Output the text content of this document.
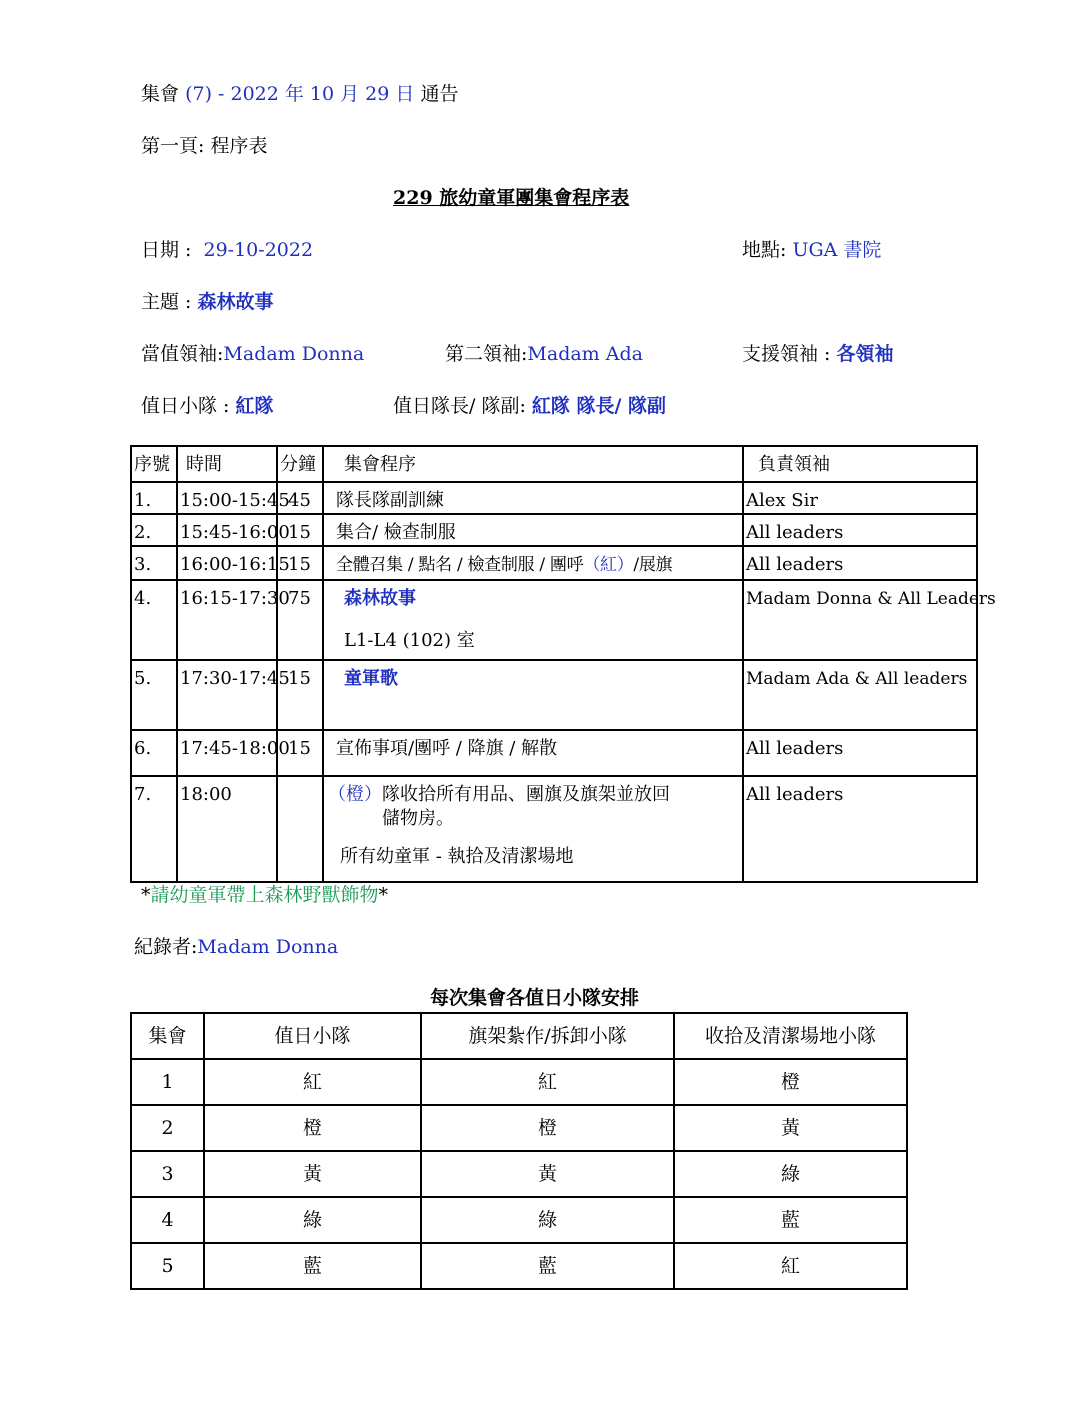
集會 (7) - 2022 年 10 月 29 日 通告
第一頁: 程序表
229 旅幼童軍團集會程序表
日期 : 29-10-2022	地點: UGA 書院
主題 : 森林故事
當值領袖:Madam Donna	第二領袖:Madam Ada	支援領袖 : 各領袖
值日小隊 : 紅隊	值日隊長/ 隊副: 紅隊 隊長/ 隊副
序號	時間	分鐘	集會程序	負責領袖
1.	15:00-15:45	45	隊長隊副訓練	Alex Sir
2.	15:45-16:00	15	集合/ 檢查制服	All leaders
3.	16:00-16:15	15	全體召集 / 點名 / 檢查制服 / 團呼（紅）/展旗	All leaders
4.	16:15-17:30	75	森林故事
L1-L4 (102) 室	Madam Donna & All Leaders
5.	17:30-17:45	15	童軍歌	Madam Ada & All leaders
6.	17:45-18:00	15	宣佈事項/團呼 / 降旗 / 解散	All leaders
7.	18:00		（橙）隊收拾所有用品、團旗及旗架並放回
儲物房。
所有幼童軍 - 執拾及清潔場地	All leaders
*請幼童軍帶上森林野獸飾物*
紀錄者:Madam Donna
每次集會各值日小隊安排
集會	值日小隊	旗架紮作/拆卸小隊	收拾及清潔場地小隊
1	紅	紅	橙
2	橙	橙	黃
3	黃	黃	綠
4	綠	綠	藍
5	藍	藍	紅
